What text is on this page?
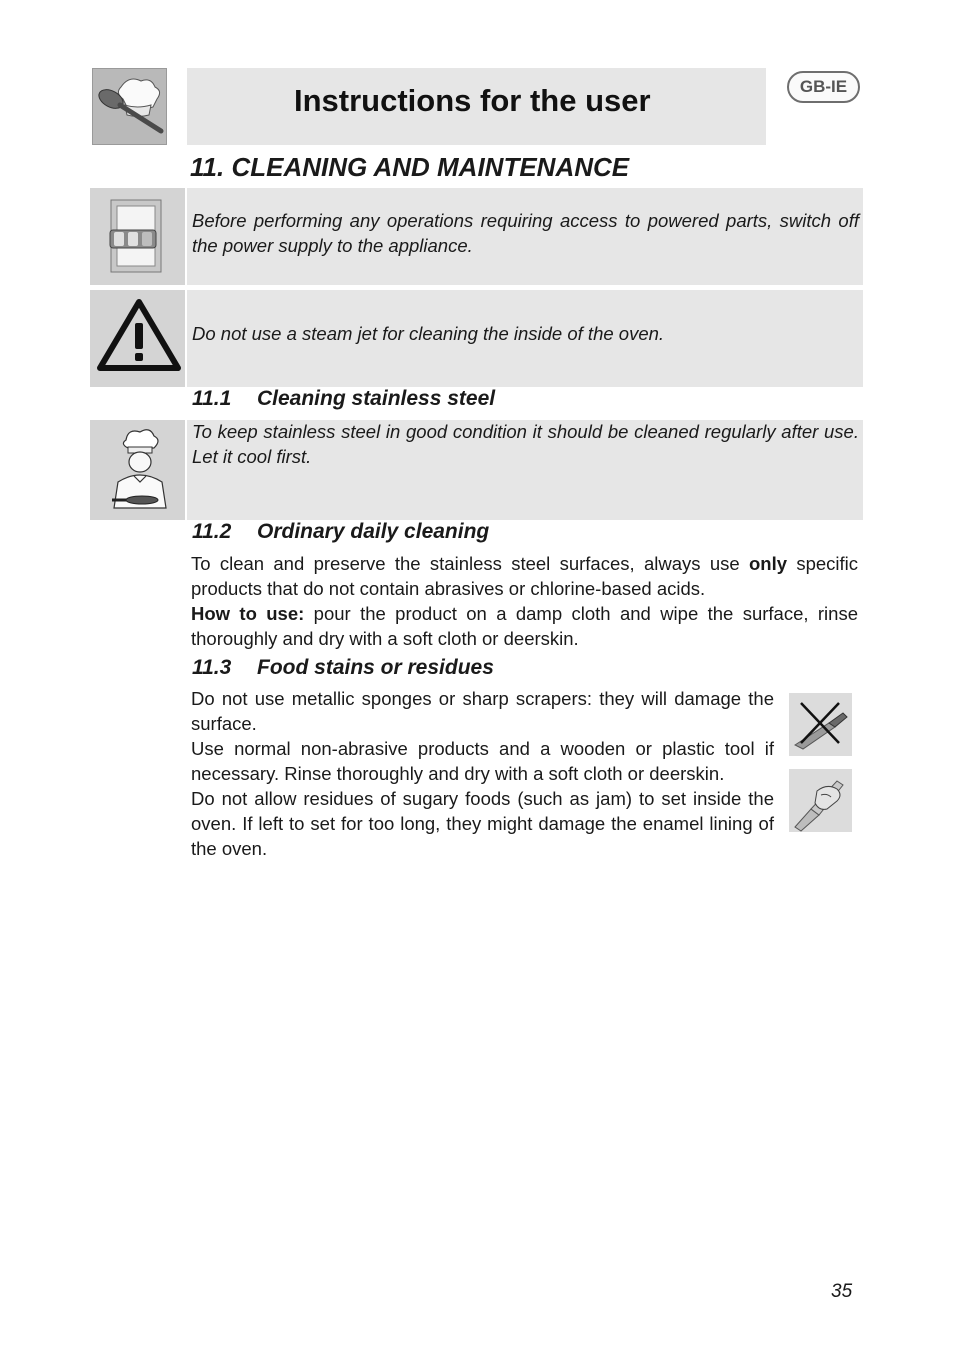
Instructions for the user	GB-IE
11. CLEANING AND MAINTENANCE
Before performing any operations requiring access to powered parts, switch off the power supply to the appliance.
Do not use a steam jet for cleaning the inside of the oven.
11.1 Cleaning stainless steel
To keep stainless steel in good condition it should be cleaned regularly after use. Let it cool first.
11.2 Ordinary daily cleaning

To clean and preserve the stainless steel surfaces, always use only specific products that do not contain abrasives or chlorine-based acids.

How to use: pour the product on a damp cloth and wipe the surface, rinse thoroughly and dry with a soft cloth or deerskin.

11.3 Food stains or residues

Do not use metallic sponges or sharp scrapers: they will damage the surface.

Use normal non-abrasive products and a wooden or plastic tool if necessary. Rinse thoroughly and dry with a soft cloth or deerskin.

Do not allow residues of sugary foods (such as jam) to set inside the oven. If left to set for too long, they might damage the enamel lining of the oven.

35
